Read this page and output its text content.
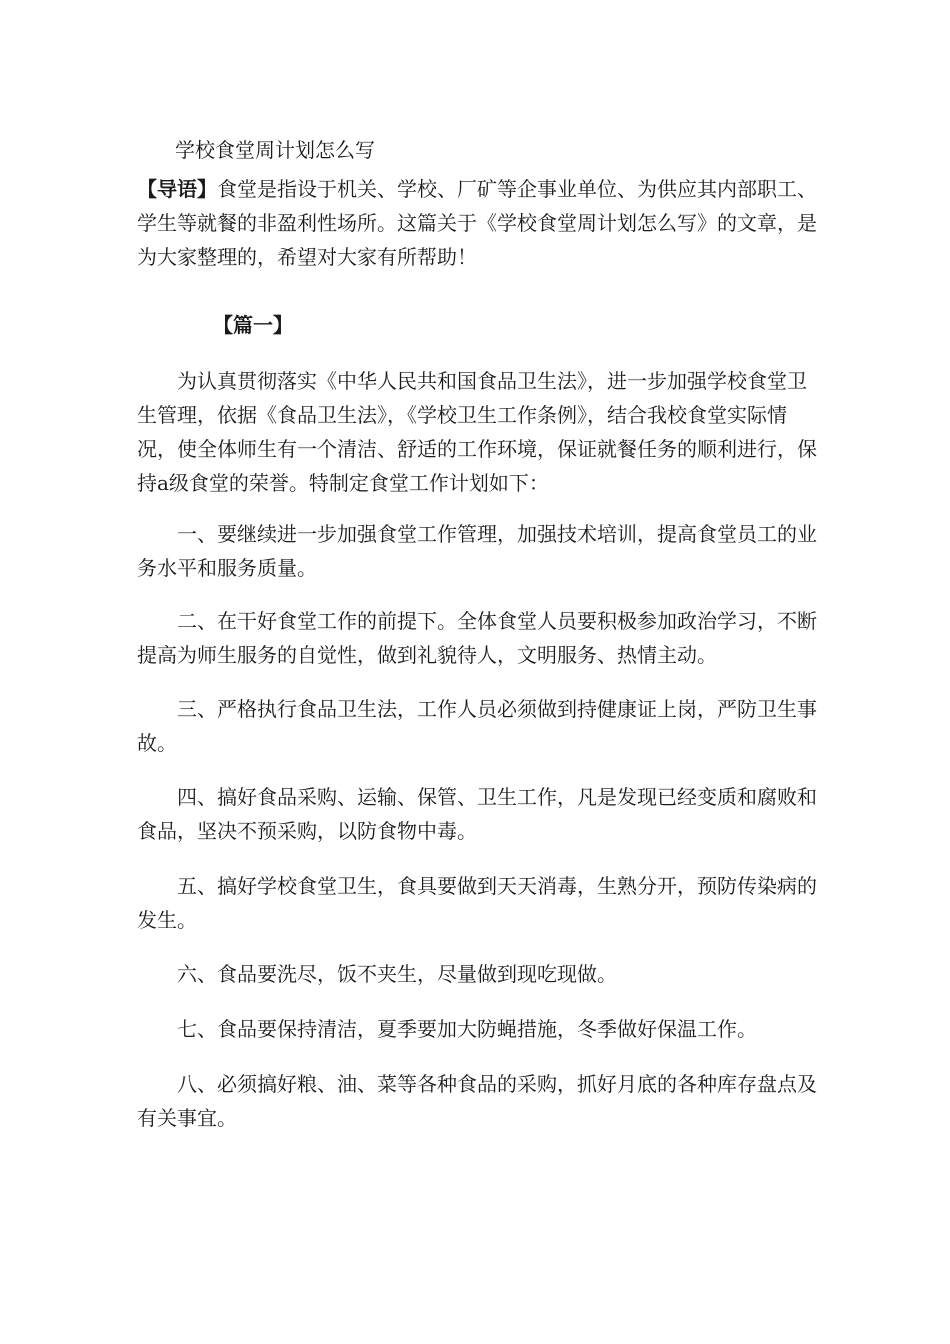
学校食堂周计划怎么写

【导语】食堂是指设于机关、学校、厂矿等企事业单位、为供应其内部职工、学生等就餐的非盈利性场所。这篇关于《学校食堂周计划怎么写》的文章，是为大家整理的，希望对大家有所帮助！

【篇一】

为认真贯彻落实《中华人民共和国食品卫生法》，进一步加强学校食堂卫生管理，依据《食品卫生法》，《学校卫生工作条例》，结合我校食堂实际情况，使全体师生有一个清洁、舒适的工作环境，保证就餐任务的顺利进行，保持a级食堂的荣誉。特制定食堂工作计划如下：

一、要继续进一步加强食堂工作管理，加强技术培训，提高食堂员工的业务水平和服务质量。

二、在干好食堂工作的前提下。全体食堂人员要积极参加政治学习，不断提高为师生服务的自觉性，做到礼貌待人，文明服务、热情主动。

三、严格执行食品卫生法，工作人员必须做到持健康证上岗，严防卫生事故。

四、搞好食品采购、运输、保管、卫生工作，凡是发现已经变质和腐败和食品，坚决不预采购，以防食物中毒。

五、搞好学校食堂卫生，食具要做到天天消毒，生熟分开，预防传染病的发生。

六、食品要洗尽，饭不夹生，尽量做到现吃现做。

七、食品要保持清洁，夏季要加大防蝇措施，冬季做好保温工作。

八、必须搞好粮、油、菜等各种食品的采购，抓好月底的各种库存盘点及有关事宜。
